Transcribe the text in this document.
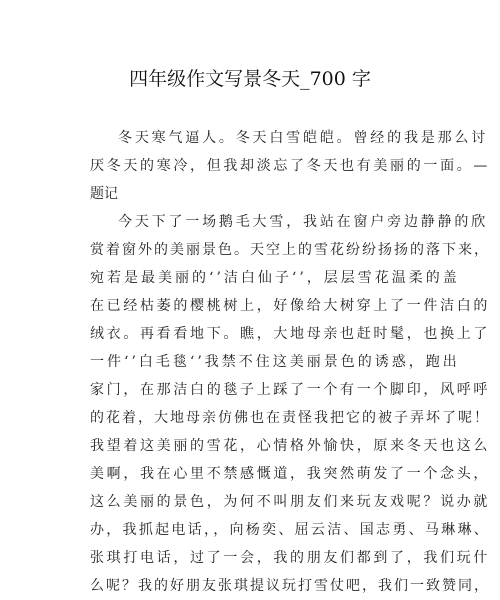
四年级作文写景冬天_700 字
冬天寒气逼人。冬天白雪皑皑。曾经的我是那么讨
厌冬天的寒冷，但我却淡忘了冬天也有美丽的一面。—
题记
今天下了一场鹅毛大雪，我站在窗户旁边静静的欣
赏着窗外的美丽景色。天空上的雪花纷纷扬扬的落下来，
宛若是最美丽的‘’洁白仙子‘’，层层雪花温柔的盖
在已经枯萎的樱桃树上，好像给大树穿上了一件洁白的
绒衣。再看看地下。瞧，大地母亲也赶时髦，也换上了
一件‘’白毛毯‘’我禁不住这美丽景色的诱惑，跑出
家门，在那洁白的毯子上踩了一个有一个脚印，风呼呼
的花着，大地母亲仿佛也在责怪我把它的被子弄坏了呢！
我望着这美丽的雪花，心情格外愉快，原来冬天也这么
美啊，我在心里不禁感慨道，我突然萌发了一个念头，
这么美丽的景色，为何不叫朋友们来玩友戏呢？说办就
办，我抓起电话，，向杨奕、屈云洁、国志勇、马琳琳、
张琪打电话，过了一会，我的朋友们都到了，我们玩什
么呢？我的好朋友张琪提议玩打雪仗吧，我们一致赞同，
